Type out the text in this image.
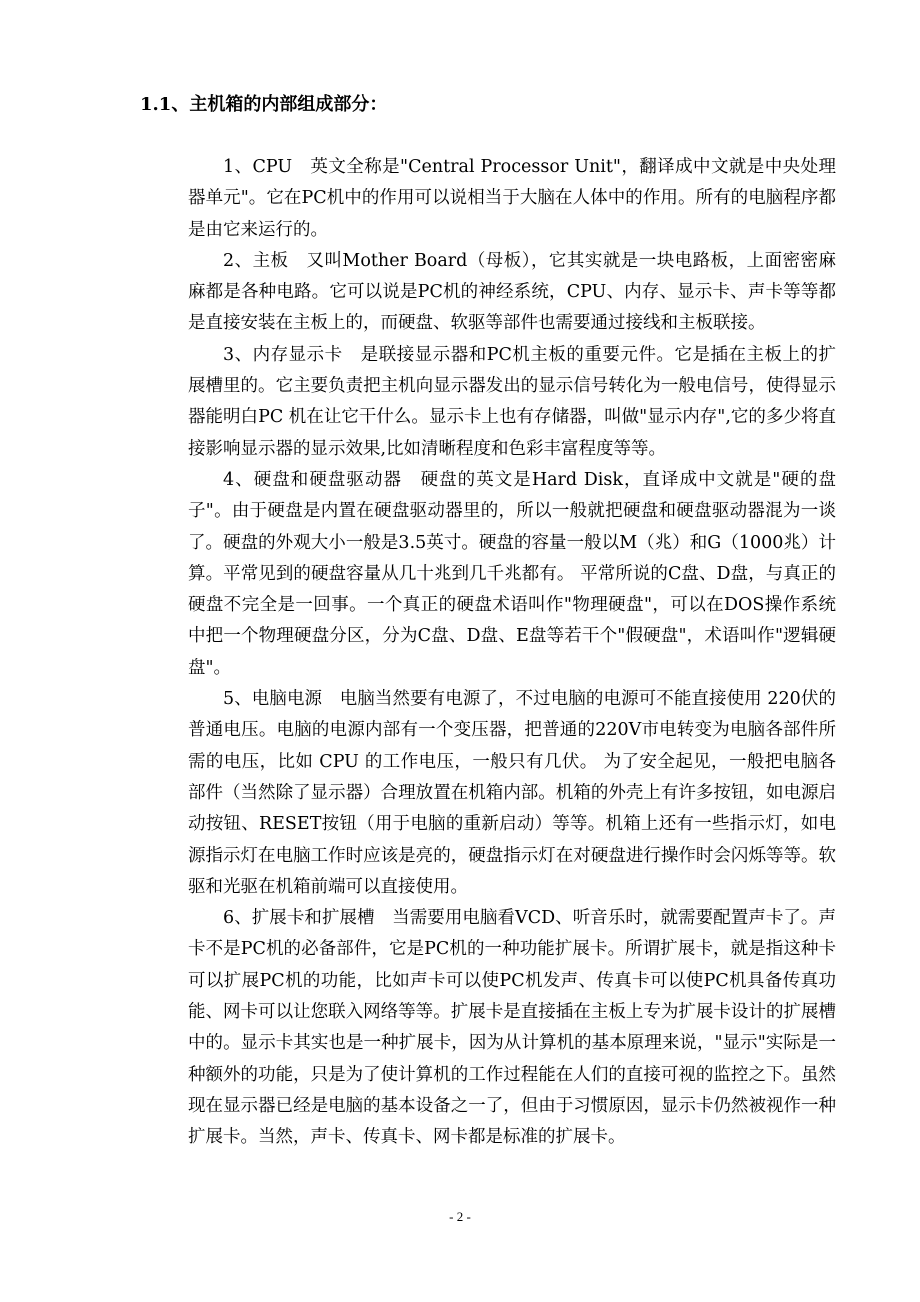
1.1、主机箱的内部组成部分：

1、CPU　英文全称是"Central Processor Unit"，翻译成中文就是中央处理器单元"。它在PC机中的作用可以说相当于大脑在人体中的作用。所有的电脑程序都是由它来运行的。

2、主板　又叫Mother Board（母板），它其实就是一块电路板，上面密密麻麻都是各种电路。它可以说是PC机的神经系统，CPU、内存、显示卡、声卡等等都是直接安装在主板上的，而硬盘、软驱等部件也需要通过接线和主板联接。

3、内存显示卡　是联接显示器和PC机主板的重要元件。它是插在主板上的扩展槽里的。它主要负责把主机向显示器发出的显示信号转化为一般电信号，使得显示器能明白PC 机在让它干什么。显示卡上也有存储器，叫做"显示内存",它的多少将直接影响显示器的显示效果,比如清晰程度和色彩丰富程度等等。

4、硬盘和硬盘驱动器　硬盘的英文是Hard Disk，直译成中文就是"硬的盘子"。由于硬盘是内置在硬盘驱动器里的，所以一般就把硬盘和硬盘驱动器混为一谈了。硬盘的外观大小一般是3.5英寸。硬盘的容量一般以M（兆）和G（1000兆）计算。平常见到的硬盘容量从几十兆到几千兆都有。 平常所说的C盘、D盘，与真正的硬盘不完全是一回事。一个真正的硬盘术语叫作"物理硬盘"，可以在DOS操作系统中把一个物理硬盘分区，分为C盘、D盘、E盘等若干个"假硬盘"，术语叫作"逻辑硬盘"。

5、电脑电源　电脑当然要有电源了，不过电脑的电源可不能直接使用 220伏的普通电压。电脑的电源内部有一个变压器，把普通的220V市电转变为电脑各部件所需的电压，比如 CPU 的工作电压，一般只有几伏。 为了安全起见，一般把电脑各部件（当然除了显示器）合理放置在机箱内部。机箱的外壳上有许多按钮，如电源启动按钮、RESET按钮（用于电脑的重新启动）等等。机箱上还有一些指示灯，如电源指示灯在电脑工作时应该是亮的，硬盘指示灯在对硬盘进行操作时会闪烁等等。软驱和光驱在机箱前端可以直接使用。

6、扩展卡和扩展槽　当需要用电脑看VCD、听音乐时，就需要配置声卡了。声卡不是PC机的必备部件，它是PC机的一种功能扩展卡。所谓扩展卡，就是指这种卡可以扩展PC机的功能，比如声卡可以使PC机发声、传真卡可以使PC机具备传真功能、网卡可以让您联入网络等等。扩展卡是直接插在主板上专为扩展卡设计的扩展槽中的。显示卡其实也是一种扩展卡，因为从计算机的基本原理来说，"显示"实际是一种额外的功能，只是为了使计算机的工作过程能在人们的直接可视的监控之下。虽然现在显示器已经是电脑的基本设备之一了，但由于习惯原因，显示卡仍然被视作一种扩展卡。当然，声卡、传真卡、网卡都是标准的扩展卡。

- 2 -
